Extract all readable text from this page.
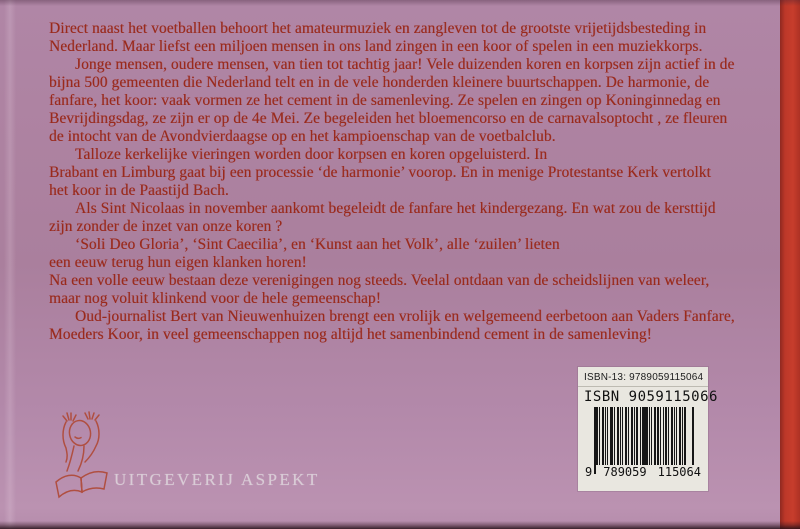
Direct naast het voetballen behoort het amateurmuziek en zangleven tot de grootste vrijetijdsbesteding in
Nederland. Maar liefst een miljoen mensen in ons land zingen in een koor of spelen in een muziekkorps.
Jonge mensen, oudere mensen, van tien tot tachtig jaar! Vele duizenden koren en korpsen zijn actief in de
bijna 500 gemeenten die Nederland telt en in de vele honderden kleinere buurtschappen. De harmonie, de
fanfare, het koor: vaak vormen ze het cement in de samenleving. Ze spelen en zingen op Koninginnedag en
Bevrijdingsdag, ze zijn er op de 4e Mei. Ze begeleiden het bloemencorso en de carnavalsoptocht , ze fleuren
de intocht van de Avondvierdaagse op en het kampioenschap van de voetbalclub.
Talloze kerkelijke vieringen worden door korpsen en koren opgeluisterd. In
Brabant en Limburg gaat bij een processie ‘de harmonie’ voorop. En in menige Protestantse Kerk vertolkt
het koor in de Paastijd Bach.
Als Sint Nicolaas in november aankomt begeleidt de fanfare het kindergezang. En wat zou de kersttijd
zijn zonder de inzet van onze koren ?
‘Soli Deo Gloria’, ‘Sint Caecilia’, en ‘Kunst aan het Volk’, alle ‘zuilen’ lieten
een eeuw terug hun eigen klanken horen!
Na een volle eeuw bestaan deze verenigingen nog steeds. Veelal ontdaan van de scheidslijnen van weleer,
maar nog voluit klinkend voor de hele gemeenschap!
Oud-journalist Bert van Nieuwenhuizen brengt een vrolijk en welgemeend eerbetoon aan Vaders Fanfare,
Moeders Koor, in veel gemeenschappen nog altijd het samenbindend cement in de samenleving!
UITGEVERIJ ASPEKT
ISBN-13: 9789059115064
ISBN 9059115066
9 789059 115064
